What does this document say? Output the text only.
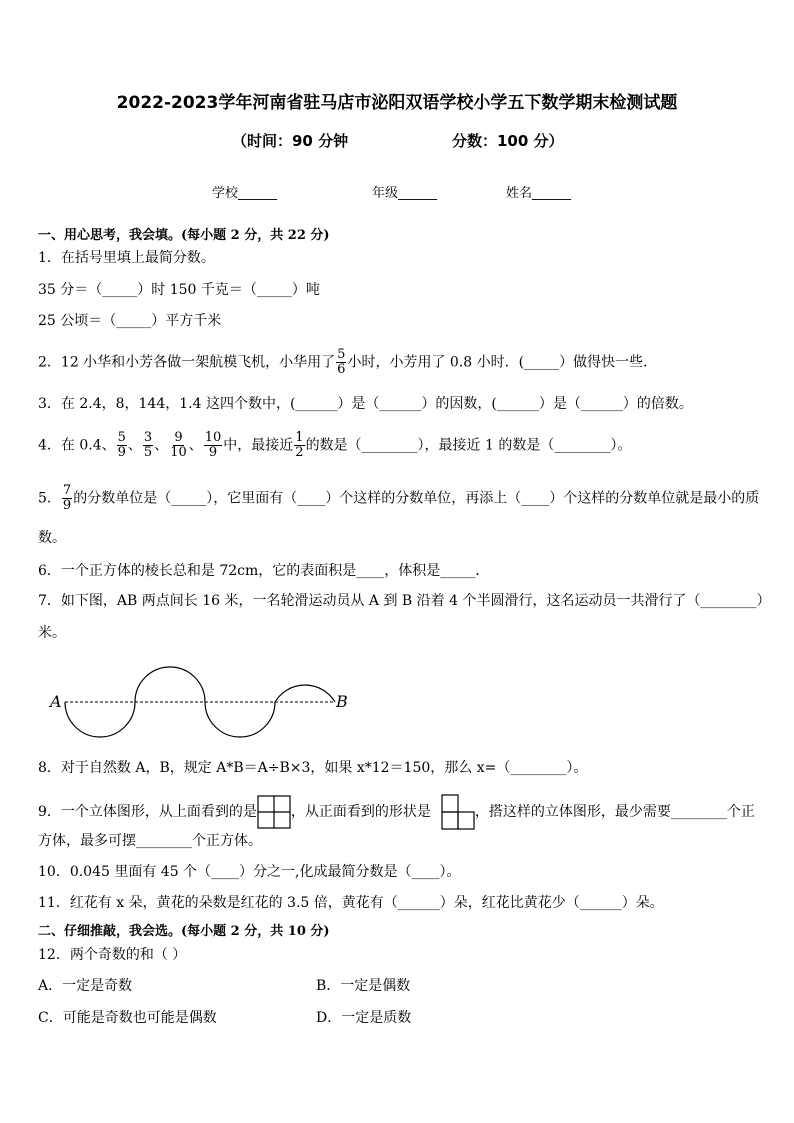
2022-2023学年河南省驻马店市泌阳双语学校小学五下数学期末检测试题
（时间：90 分钟	分数：100 分）
学校______	年级______	姓名______
一、用心思考，我会填。(每小题 2 分，共 22 分)
1．在括号里填上最简分数。
35 分＝（_____）时 150 千克＝（_____）吨
25 公顷＝（_____）平方千米
2．12 小华和小芳各做一架航模飞机，小华用了 $\frac{5}{6}$ 小时，小芳用了 0.8 小时．(_____）做得快一些．
3．在 2.4，8，144，1.4 这四个数中，(______）是（______）的因数，(______）是（______）的倍数。
4．在 0.4、 $\frac{5}{9}$ 、 $\frac{3}{5}$ 、 $\frac{9}{10}$ 、 $\frac{10}{9}$ 中，最接近 $\frac{1}{2}$ 的数是（________），最接近 1 的数是（________）。
5． $\frac{7}{9}$ 的分数单位是（_____），它里面有（____）个这样的分数单位，再添上（____）个这样的分数单位就是最小的质
数。
6．一个正方体的棱长总和是 72cm，它的表面积是____，体积是_____．
7．如下图，AB 两点间长 16 米，一名轮滑运动员从 A 到 B 沿着 4 个半圆滑行，这名运动员一共滑行了（________）
米。
A	B
8．对于自然数 A，B，规定 A*B＝A÷B×3，如果 x*12＝150，那么 x=（________）。
9．一个立体图形，从上面看到的是 ，从正面看到的形状是	，搭这样的立体图形，最少需要________个正
方体，最多可摆________个正方体。
10．0.045 里面有 45 个（____）分之一,化成最简分数是（____）。
11．红花有 x 朵，黄花的朵数是红花的 3.5 倍，黄花有（______）朵，红花比黄花少（______）朵。
二、仔细推敲，我会选。(每小题 2 分，共 10 分)
12．两个奇数的和（ ）
A．一定是奇数	B．一定是偶数
C．可能是奇数也可能是偶数	D．一定是质数
